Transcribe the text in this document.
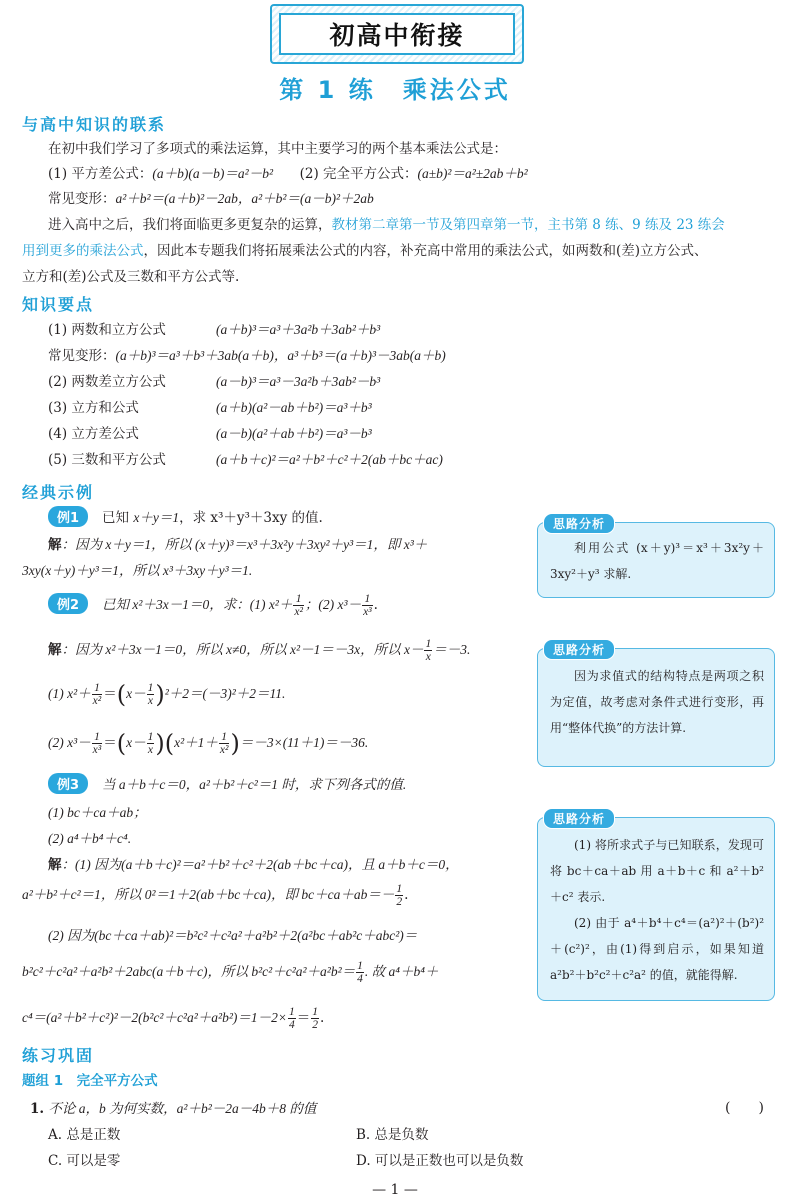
初高中衔接
第 1 练　乘法公式
与高中知识的联系
在初中我们学习了多项式的乘法运算，其中主要学习的两个基本乘法公式是：
(1) 平方差公式：(a＋b)(a－b)＝a²－b² (2) 完全平方公式：(a±b)²＝a²±2ab＋b²
常见变形：a²＋b²＝(a＋b)²－2ab，a²＋b²＝(a－b)²＋2ab
进入高中之后，我们将面临更多更复杂的运算，教材第二章第一节及第四章第一节，主书第 8 练、9 练及 23 练会
用到更多的乘法公式，因此本专题我们将拓展乘法公式的内容，补充高中常用的乘法公式，如两数和(差)立方公式、
立方和(差)公式及三数和平方公式等.
知识要点
(1) 两数和立方公式	(a＋b)³＝a³＋3a²b＋3ab²＋b³
常见变形：(a＋b)³＝a³＋b³＋3ab(a＋b)，a³＋b³＝(a＋b)³－3ab(a＋b)
(2) 两数差立方公式	(a－b)³＝a³－3a²b＋3ab²－b³
(3) 立方和公式	(a＋b)(a²－ab＋b²)＝a³＋b³
(4) 立方差公式	(a－b)(a²＋ab＋b²)＝a³－b³
(5) 三数和平方公式	(a＋b＋c)²＝a²＋b²＋c²＋2(ab＋bc＋ac)
经典示例
例1 已知 x＋y＝1，求 x³＋y³＋3xy 的值.
解：因为 x＋y＝1，所以 (x＋y)³＝x³＋3x²y＋3xy²＋y³＝1，即 x³＋
3xy(x＋y)＋y³＝1，所以 x³＋3xy＋y³＝1.
例2 已知 x²＋3x－1＝0，求：(1) $x^2+ \frac{1}{\text{x²}}$ ；(2) $x^3- \frac{1}{\text{x³}}$ .
解：因为 x²＋3x－1＝0，所以 x≠0，所以 x²－1＝－3x，所以 $x- \frac{1}{x} =-3$.
(1) $x^2+ \frac{1}{\text{x²}} =(x- \frac{1}{x} )^2+2=(-3)^2+2=11$.
(2) $x^3- \frac{1}{\text{x³}} =(x- \frac{1}{x} )(x^2+1+ \frac{1}{\text{x²}} )=-3\times(11+1)=-36$.
例3 当 a＋b＋c＝0，a²＋b²＋c²＝1 时，求下列各式的值.
(1) bc＋ca＋ab；
(2) a⁴＋b⁴＋c⁴.
解：(1) 因为(a＋b＋c)²＝a²＋b²＋c²＋2(ab＋bc＋ca)，且 a＋b＋c＝0，
a²＋b²＋c²＝1，所以 0²＝1＋2(ab＋bc＋ca)，即 $bc+ca+ab=- \frac{1}{2}$ .
(2) 因为(bc＋ca＋ab)²＝b²c²＋c²a²＋a²b²＋2(a²bc＋ab²c＋abc²)＝
b²c²＋c²a²＋a²b²＋2abc(a＋b＋c)，所以 $b^2c^2+c^2a^2+a^2b^2= \frac{1}{4}$ . 故 a⁴＋b⁴＋
$c^4=(a^2+b^2+c^2)^2-2(b^2c^2+c^2a^2+a^2b^2)=1-2\times \frac{1}{4} = \frac{1}{2}$ .
思路分析
利用公式 (x＋y)³＝x³＋3x²y＋3xy²＋y³ 求解.
思路分析
因为求值式的结构特点是两项之积为定值，故考虑对条件式进行变形，再用“整体代换”的方法计算.
思路分析
(1) 将所求式子与已知联系，发现可将 bc＋ca＋ab 用 a＋b＋c 和 a²＋b²＋c² 表示.
(2) 由于 a⁴＋b⁴＋c⁴＝(a²)²＋(b²)²＋(c²)²，由(1)得到启示，如果知道 a²b²＋b²c²＋c²a² 的值，就能得解.
练习巩固
题组 1　完全平方公式
1. 不论 a，b 为何实数，a²＋b²－2a－4b＋8 的值	(　　)
A. 总是正数	B. 总是负数
C. 可以是零	D. 可以是正数也可以是负数
— 1 —
